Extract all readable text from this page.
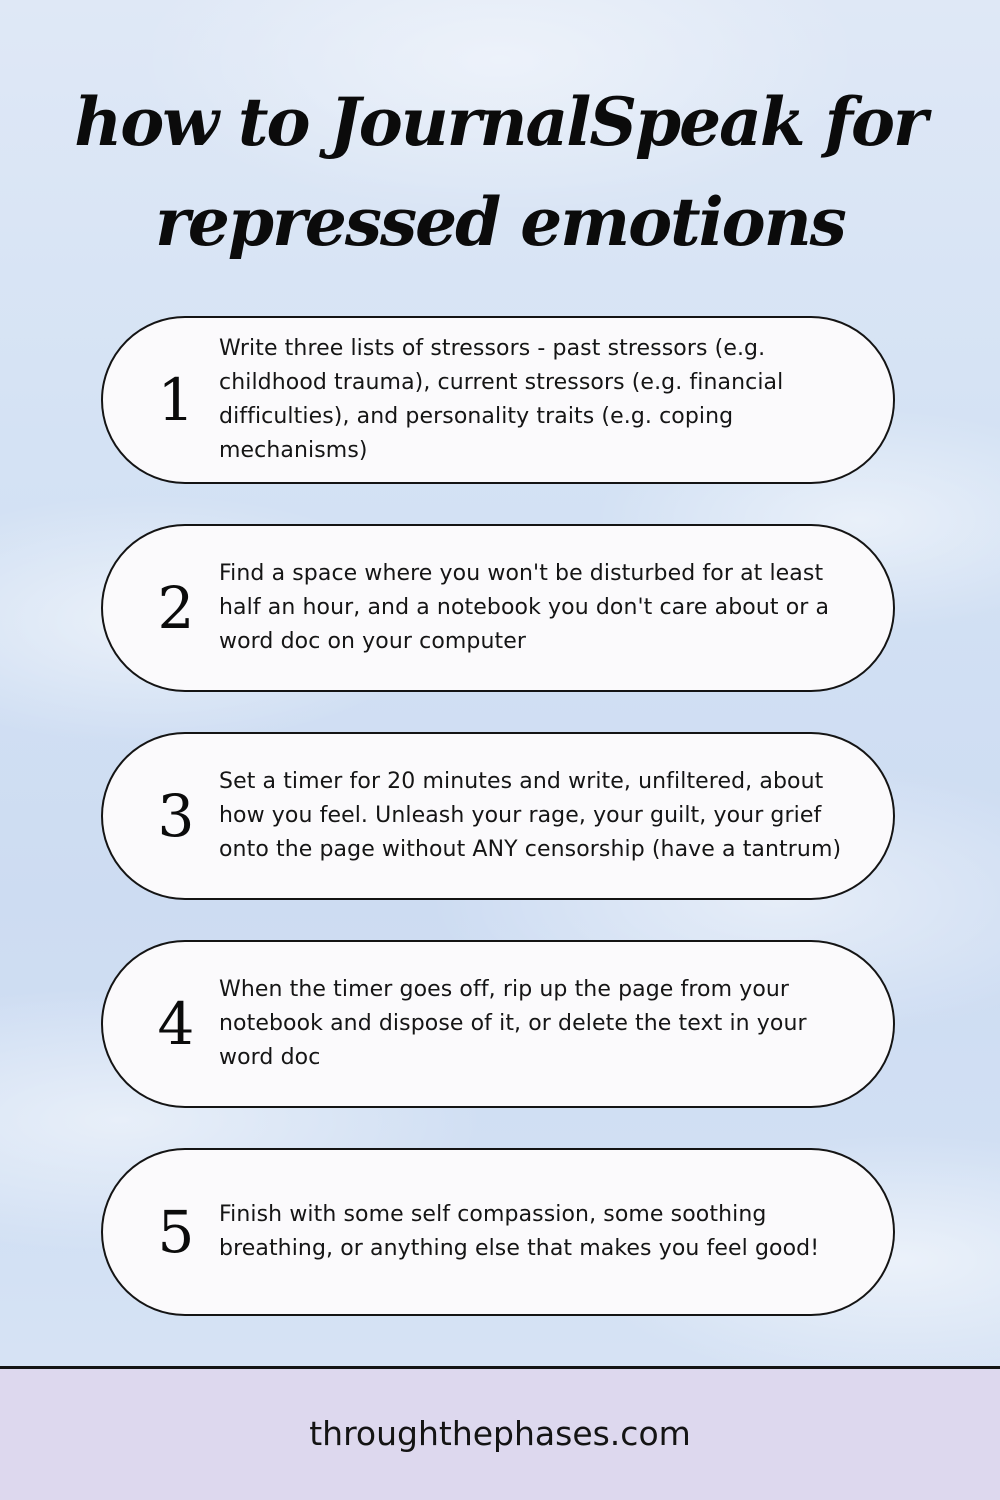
how to JournalSpeak for
repressed emotions
1
Write three lists of stressors - past stressors (e.g. childhood trauma), current stressors (e.g. financial difficulties), and personality traits (e.g. coping mechanisms)
2
Find a space where you won't be disturbed for at least half an hour, and a notebook you don't care about or a word doc on your computer
3
Set a timer for 20 minutes and write, unfiltered, about how you feel. Unleash your rage, your guilt, your grief onto the page without ANY censorship (have a tantrum)
4
When the timer goes off, rip up the page from your notebook and dispose of it, or delete the text in your word doc
5 Finish with some self compassion, some soothing breathing, or anything else that makes you feel good!
throughthephases.com
